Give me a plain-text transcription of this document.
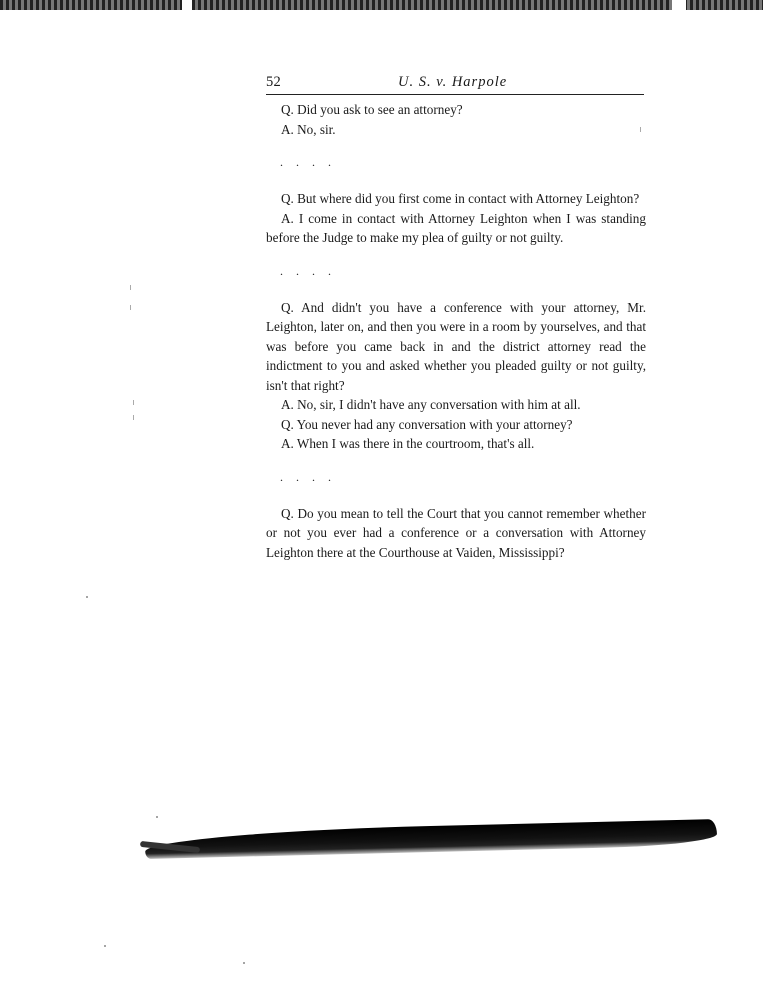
52	U. S. v. Harpole

Q. Did you ask to see an attorney?

A. No, sir.

. . . .

Q. But where did you first come in contact with Attorney Leighton?

A. I come in contact with Attorney Leighton when I was standing before the Judge to make my plea of guilty or not guilty.

. . . .

Q. And didn't you have a conference with your attorney, Mr. Leighton, later on, and then you were in a room by yourselves, and that was before you came back in and the district attorney read the indictment to you and asked whether you pleaded guilty or not guilty, isn't that right?

A. No, sir, I didn't have any conversation with him at all.

Q. You never had any conversation with your attorney?

A. When I was there in the courtroom, that's all.

. . . .

Q. Do you mean to tell the Court that you cannot remember whether or not you ever had a conference or a conversation with Attorney Leighton there at the Courthouse at Vaiden, Mississippi?
